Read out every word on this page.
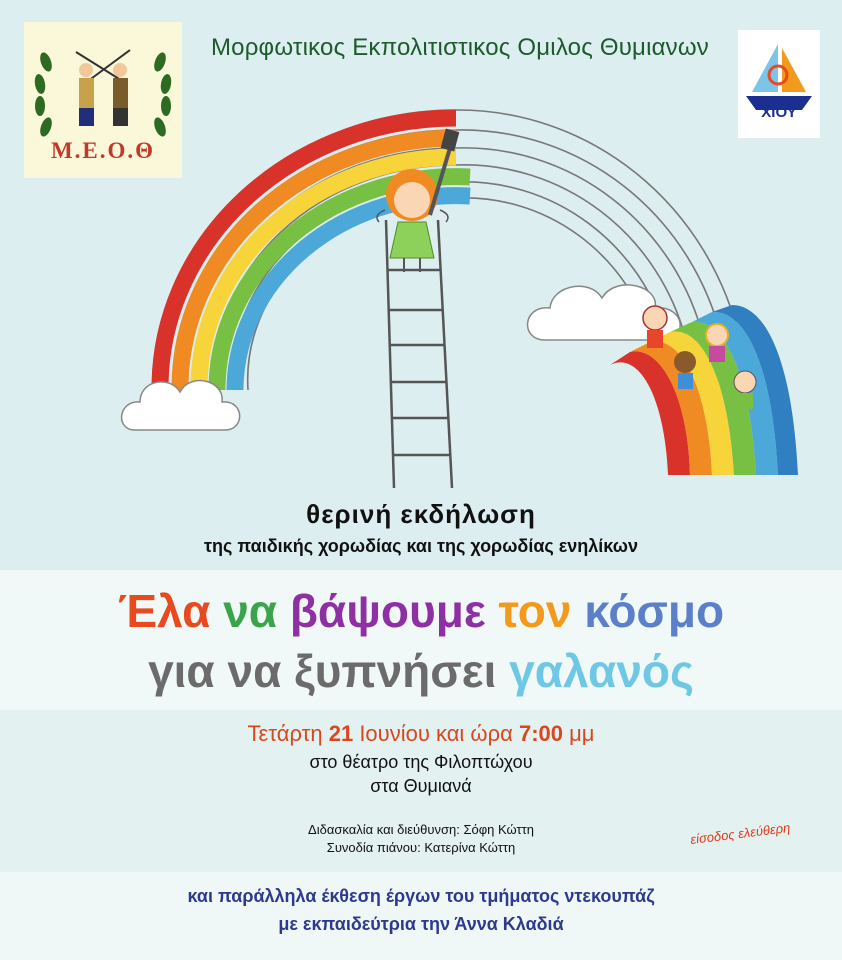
Μ.Ε.Ο.Θ
ΧΙΟΥ
Μορφωτικος Εκπολιτιστικος Ομιλος Θυμιανων
θερινή εκδήλωση
της παιδικής χορωδίας και της χορωδίας ενηλίκων
Έλα να βάψουμε τον κόσμο
για να ξυπνήσει γαλανός
Τετάρτη 21 Ιουνίου και ώρα 7:00 μμ
στο θέατρο της Φιλοπτώχου
στα Θυμιανά
Διδασκαλία και διεύθυνση: Σόφη Κώττη
Συνοδία πιάνου: Κατερίνα Κώττη
είσοδος ελεύθερη
και παράλληλα έκθεση έργων του τμήματος ντεκουπάζ
με εκπαιδεύτρια την Άννα Κλαδιά
